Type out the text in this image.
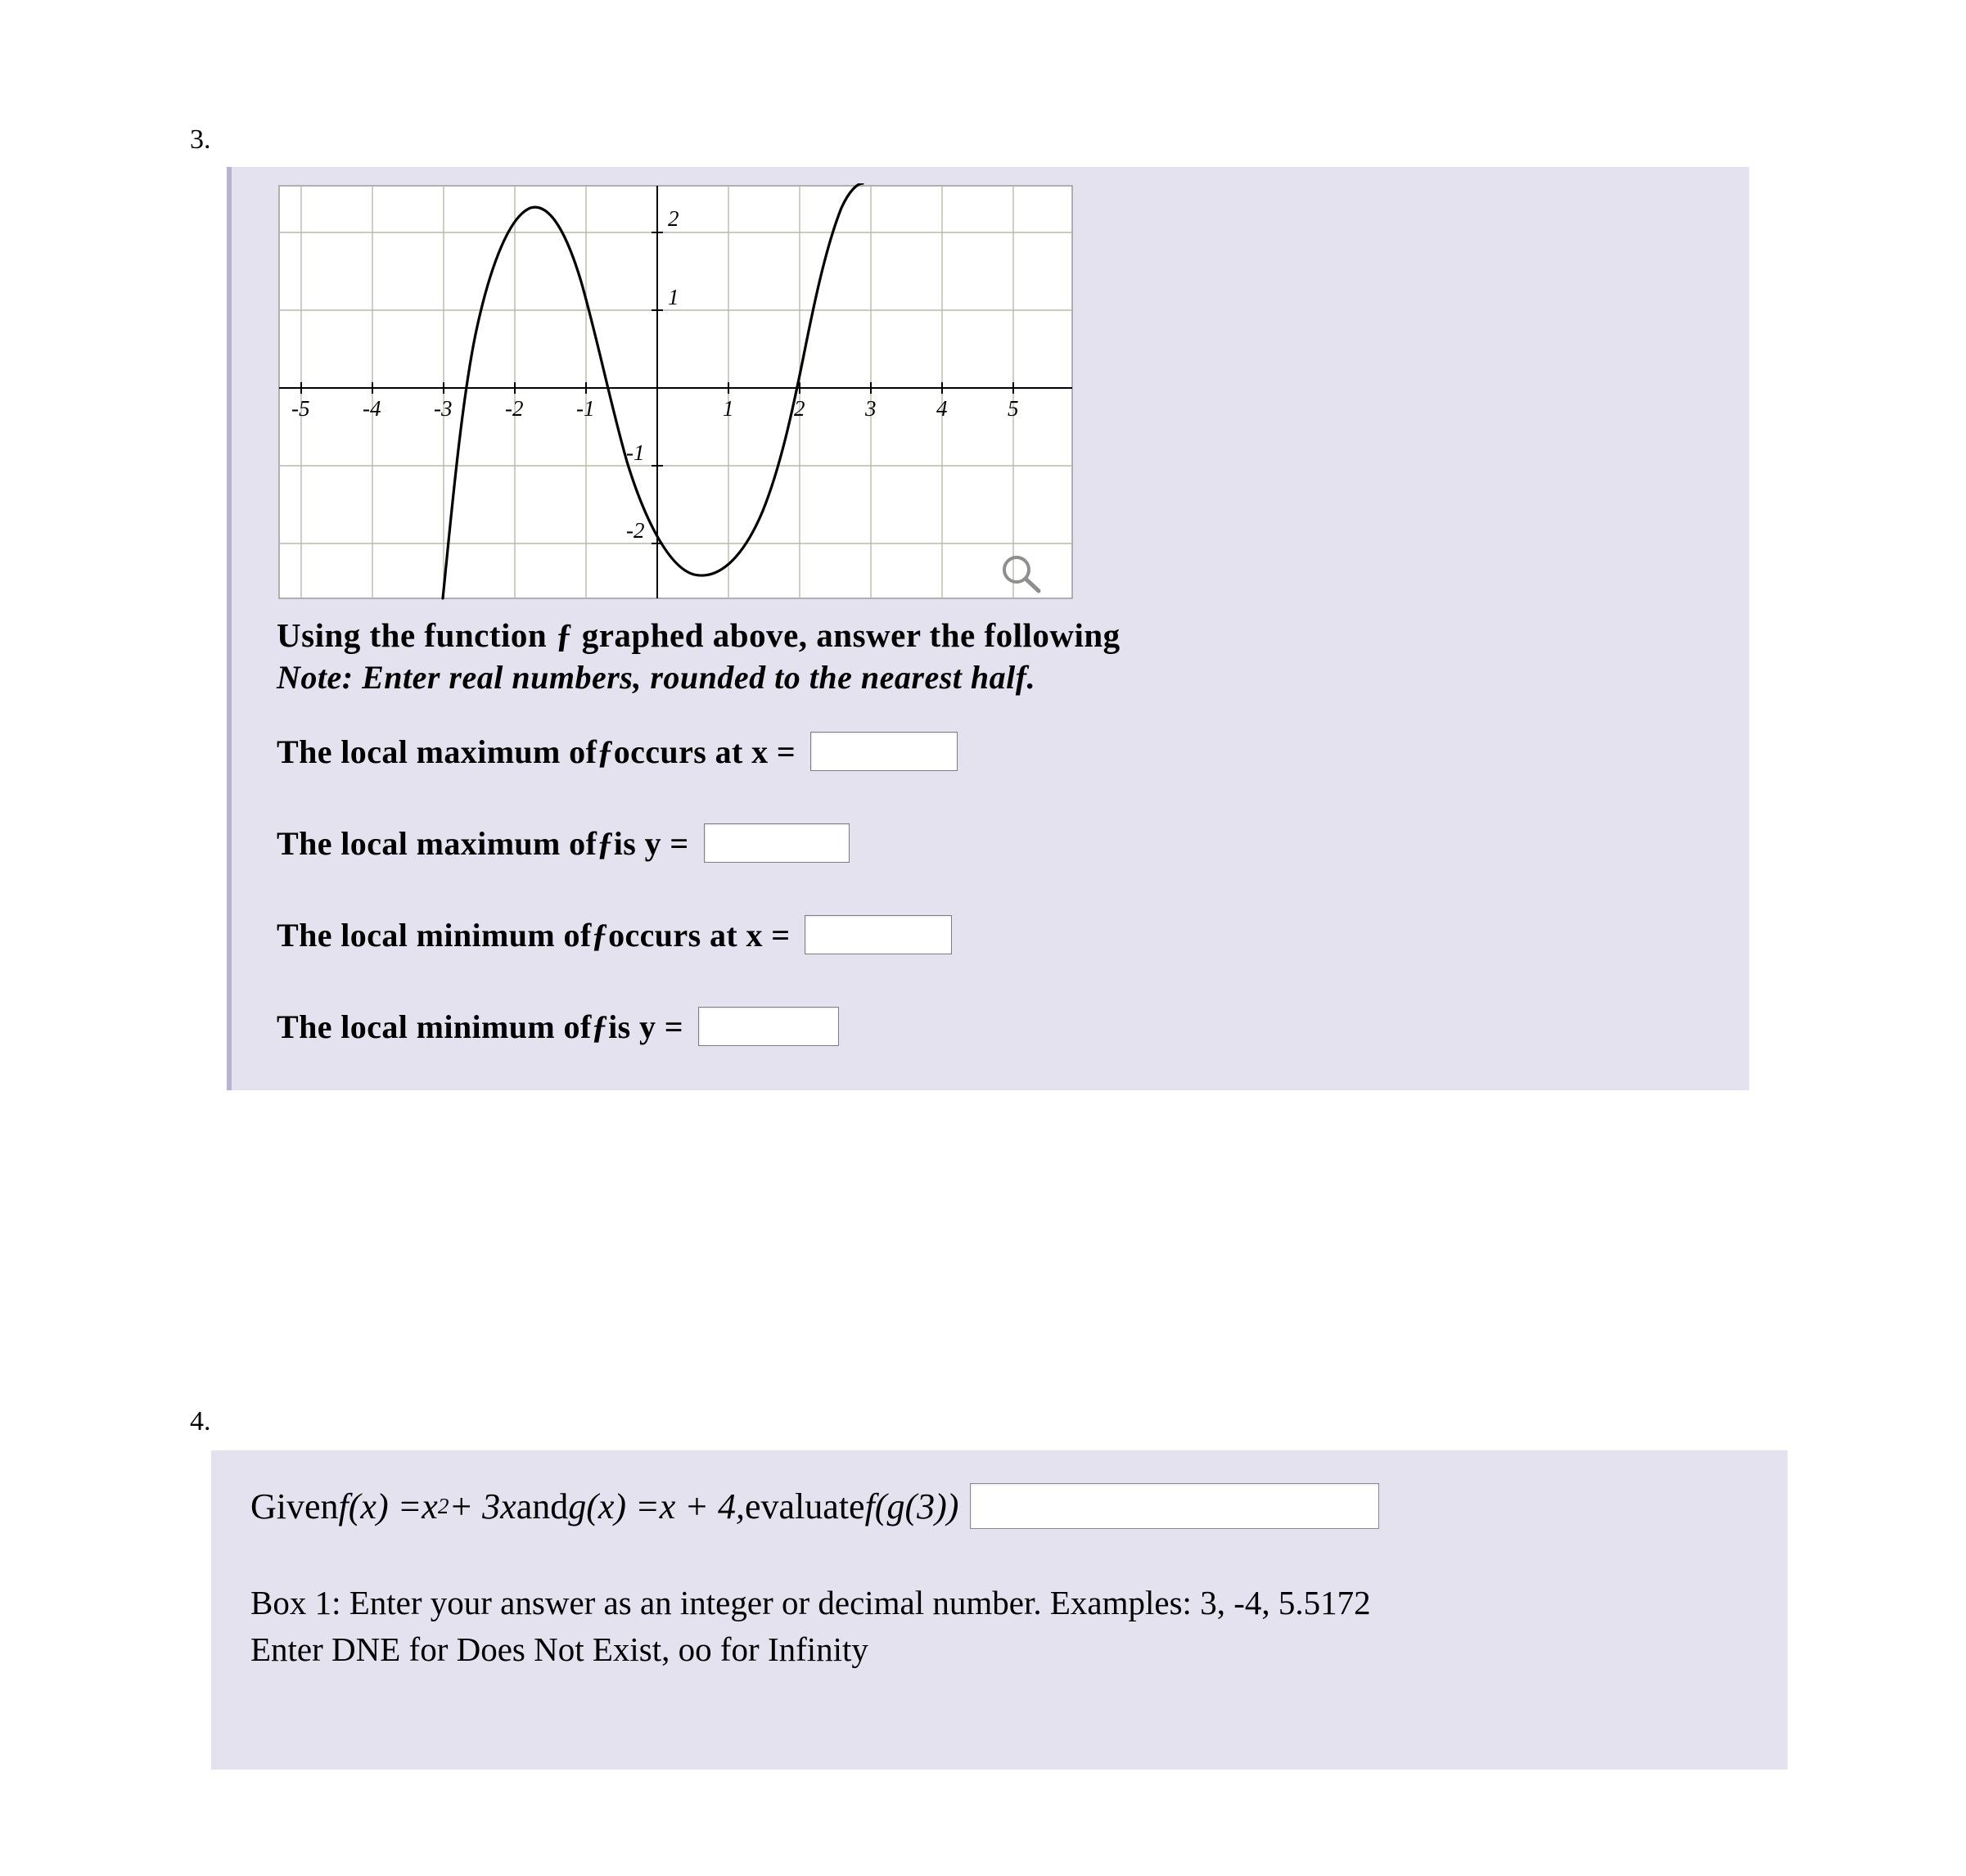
3.
-5 -4 -3 -2 -1	1	2	3	4	5
2
1
-1
-2
Using the function ƒ graphed above, answer the following
Note: Enter real numbers, rounded to the nearest half.
The local maximum of ƒ occurs at x =
The local maximum of ƒ is y =
The local minimum of ƒ occurs at x =
The local minimum of ƒ is y =
4.
Given f (x) = x 2 + 3x and g (x) = x + 4, evaluate f(g(3))
Box 1: Enter your answer as an integer or decimal number. Examples: 3, -4, 5.5172
Enter DNE for Does Not Exist, oo for Infinity
